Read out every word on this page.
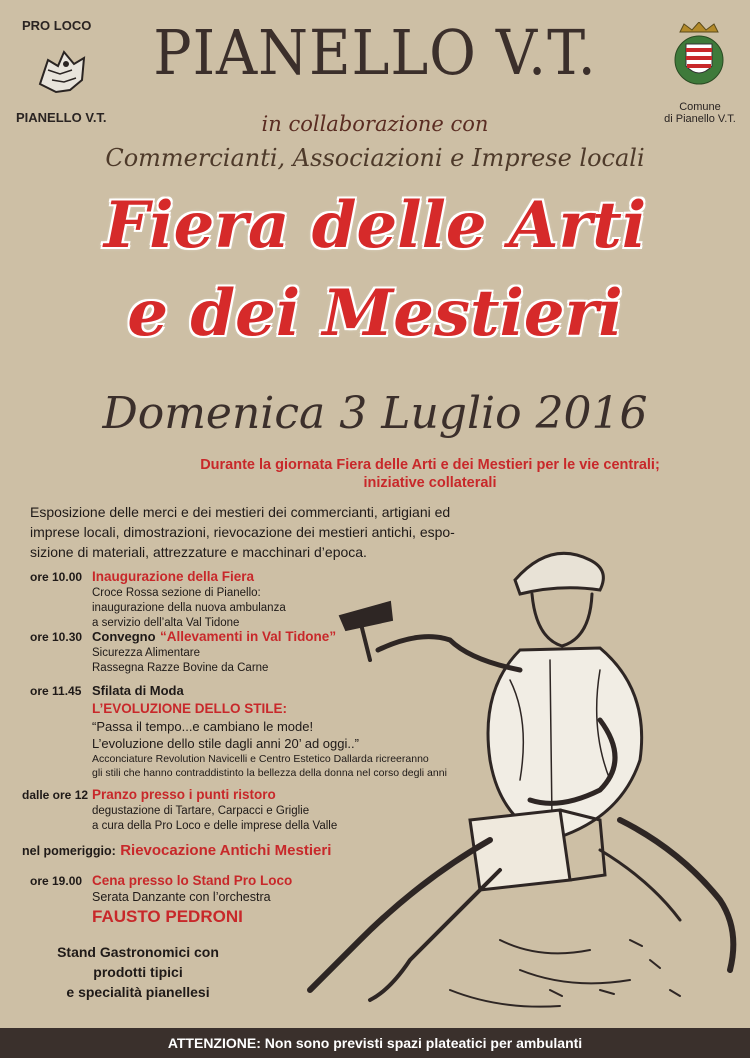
PRO LOCO
PIANELLO V.T.
PIANELLO V.T.
Comune
di Pianello V.T.
in collaborazione con
Commercianti, Associazioni e Imprese locali
Fiera delle Arti
e dei Mestieri
Domenica 3 Luglio 2016
Durante la giornata Fiera delle Arti e dei Mestieri per le vie centrali;
iniziative collaterali
Esposizione delle merci e dei mestieri dei commercianti, artigiani ed
imprese locali, dimostrazioni, rievocazione dei mestieri antichi, espo-
sizione di materiali, attrezzature e macchinari d’epoca.
ore 10.00 Inaugurazione della Fiera
Croce Rossa sezione di Pianello:
inaugurazione della nuova ambulanza
a servizio dell’alta Val Tidone
ore 10.30 Convegno “Allevamenti in Val Tidone”
Sicurezza Alimentare
Rassegna Razze Bovine da Carne
ore 11.45 Sfilata di Moda
L’EVOLUZIONE DELLO STILE:
“Passa il tempo...e cambiano le mode!
L’evoluzione dello stile dagli anni 20’ ad oggi..”
Acconciature Revolution Navicelli e Centro Estetico Dallarda ricreeranno
gli stili che hanno contraddistinto la bellezza della donna nel corso degli anni
dalle ore 12 Pranzo presso i punti ristoro
degustazione di Tartare, Carpacci e Griglie
a cura della Pro Loco e delle imprese della Valle
nel pomeriggio: Rievocazione Antichi Mestieri
ore 19.00 Cena presso lo Stand Pro Loco
Serata Danzante con l’orchestra
FAUSTO PEDRONI
Stand Gastronomici con
prodotti tipici
e specialità pianellesi
ATTENZIONE: Non sono previsti spazi plateatici per ambulanti
